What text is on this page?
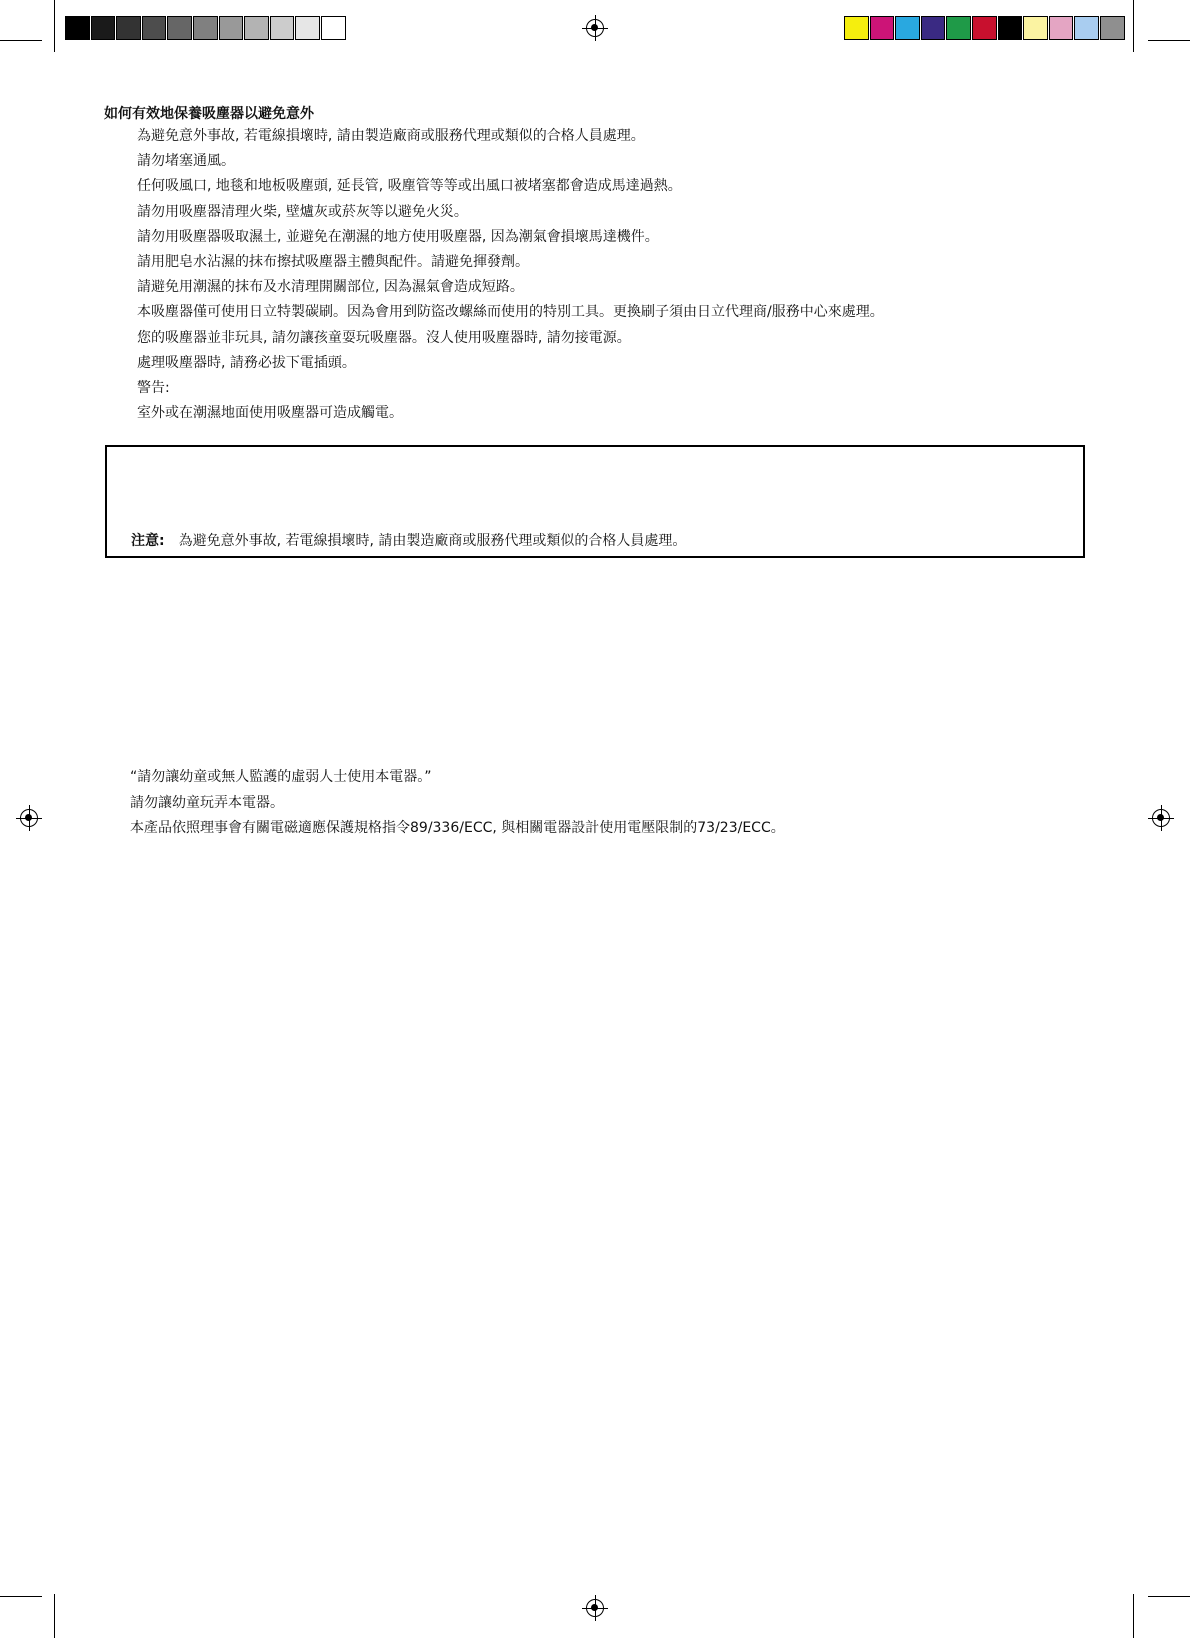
如何有效地保養吸塵器以避免意外
為避免意外事故, 若電線損壞時, 請由製造廠商或服務代理或類似的合格人員處理。
請勿堵塞通風。
任何吸風口, 地毯和地板吸塵頭, 延長管, 吸塵管等等或出風口被堵塞都會造成馬達過熱。
請勿用吸塵器清理火柴, 壁爐灰或菸灰等以避免火災。
請勿用吸塵器吸取濕土, 並避免在潮濕的地方使用吸塵器, 因為潮氣會損壞馬達機件。
請用肥皂水沾濕的抹布擦拭吸塵器主體與配件。請避免揮發劑。
請避免用潮濕的抹布及水清理開關部位, 因為濕氣會造成短路。
本吸塵器僅可使用日立特製碳刷。因為會用到防盜改螺絲而使用的特別工具。更換刷子須由日立代理商/服務中心來處理。
您的吸塵器並非玩具, 請勿讓孩童耍玩吸塵器。沒人使用吸塵器時, 請勿接電源。
處理吸塵器時, 請務必拔下電插頭。
警告:
室外或在潮濕地面使用吸塵器可造成觸電。
注意: 為避免意外事故, 若電線損壞時, 請由製造廠商或服務代理或類似的合格人員處理。
“請勿讓幼童或無人監護的虛弱人士使用本電器。”
請勿讓幼童玩弄本電器。
本產品依照理事會有關電磁適應保護規格指令89/336/ECC, 與相關電器設計使用電壓限制的73/23/ECC。
